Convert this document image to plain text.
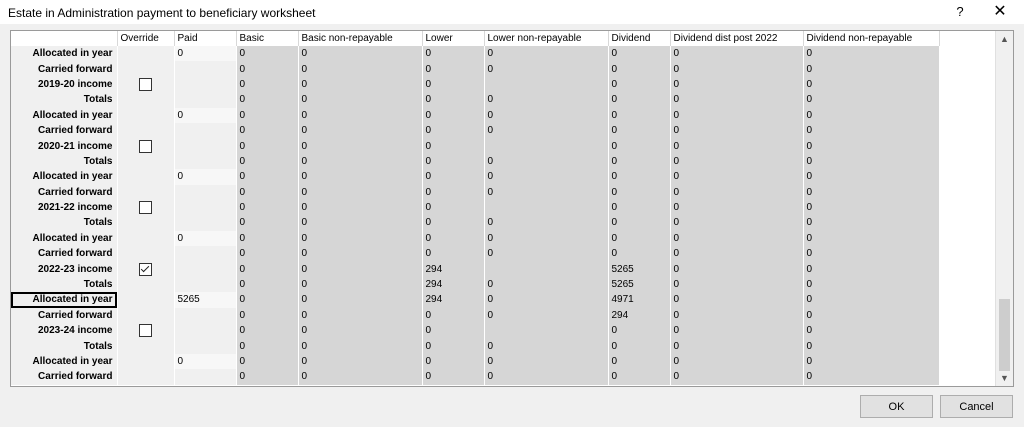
Estate in Administration payment to beneficiary worksheet	?	✕
	Override	Paid	Basic	Basic non-repayable	Lower	Lower non-repayable	Dividend	Dividend dist post 2022	Dividend non-repayable	
Allocated in year		0	0	0	0	0	0	0	0	
Carried forward			0	0	0	0	0	0	0	
2019-20 income			0	0	0		0	0	0	
Totals			0	0	0	0	0	0	0	
Allocated in year		0	0	0	0	0	0	0	0	
Carried forward			0	0	0	0	0	0	0	
2020-21 income			0	0	0		0	0	0	
Totals			0	0	0	0	0	0	0	
Allocated in year		0	0	0	0	0	0	0	0	
Carried forward			0	0	0	0	0	0	0	
2021-22 income			0	0	0		0	0	0	
Totals			0	0	0	0	0	0	0	
Allocated in year		0	0	0	0	0	0	0	0	
Carried forward			0	0	0	0	0	0	0	
2022-23 income			0	0	294		5265	0	0	
Totals			0	0	294	0	5265	0	0	
Allocated in year		5265	0	0	294	0	4971	0	0	
Carried forward			0	0	0	0	294	0	0	
2023-24 income			0	0	0		0	0	0	
Totals			0	0	0	0	0	0	0	
Allocated in year		0	0	0	0	0	0	0	0	
Carried forward			0	0	0	0	0	0	0	
▲
▼
OK	Cancel
